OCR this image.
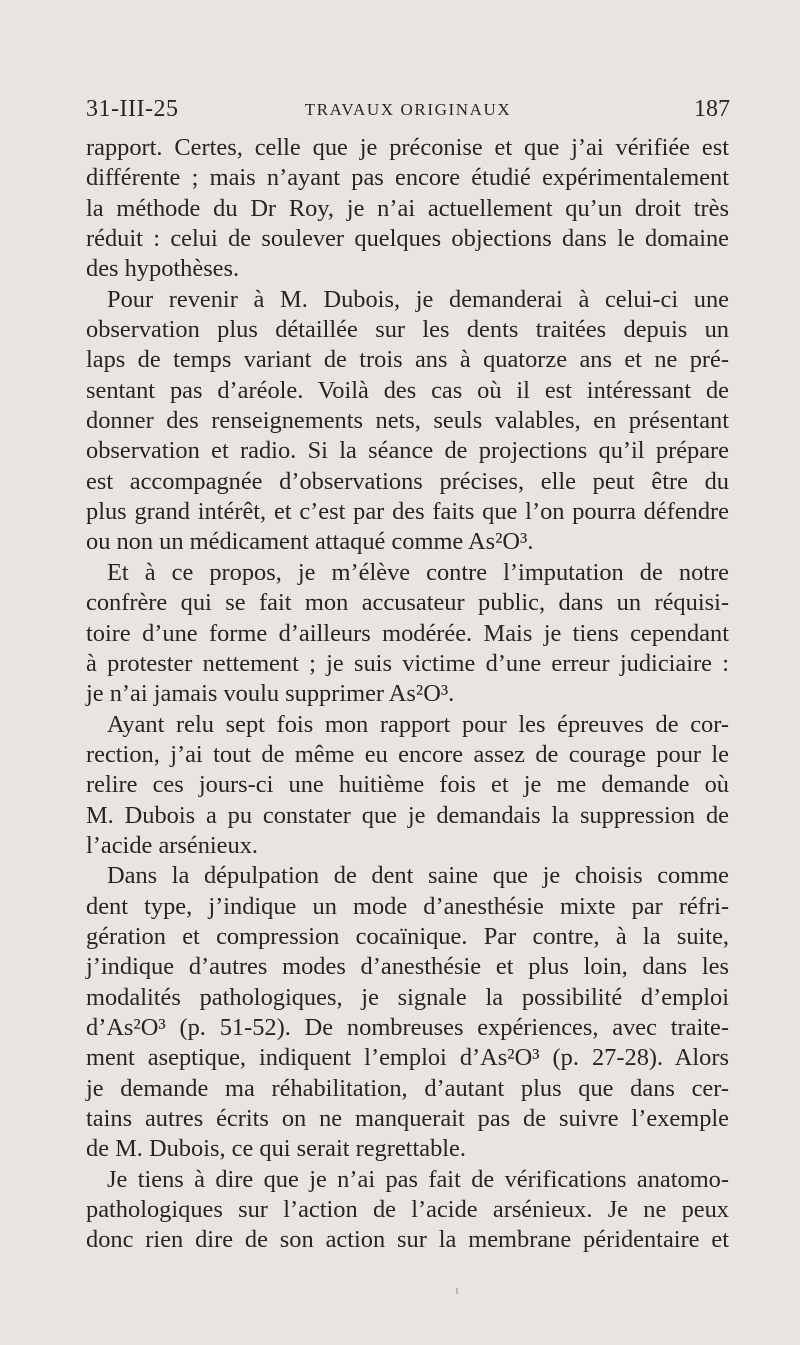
31-III-25	TRAVAUX ORIGINAUX	187
rapport. Certes, celle que je préconise et que j’ai vérifiée est
différente ; mais n’ayant pas encore étudié expérimentalement
la méthode du Dr Roy, je n’ai actuellement qu’un droit très
réduit : celui de soulever quelques objections dans le domaine
des hypothèses.
Pour revenir à M. Dubois, je demanderai à celui-ci une
observation plus détaillée sur les dents traitées depuis un
laps de temps variant de trois ans à quatorze ans et ne pré-
sentant pas d’aréole. Voilà des cas où il est intéressant de
donner des renseignements nets, seuls valables, en présentant
observation et radio. Si la séance de projections qu’il prépare
est accompagnée d’observations précises, elle peut être du
plus grand intérêt, et c’est par des faits que l’on pourra défendre
ou non un médicament attaqué comme As²O³.
Et à ce propos, je m’élève contre l’imputation de notre
confrère qui se fait mon accusateur public, dans un réquisi-
toire d’une forme d’ailleurs modérée. Mais je tiens cependant
à protester nettement ; je suis victime d’une erreur judiciaire :
je n’ai jamais voulu supprimer As²O³.
Ayant relu sept fois mon rapport pour les épreuves de cor-
rection, j’ai tout de même eu encore assez de courage pour le
relire ces jours-ci une huitième fois et je me demande où
M. Dubois a pu constater que je demandais la suppression de
l’acide arsénieux.
Dans la dépulpation de dent saine que je choisis comme
dent type, j’indique un mode d’anesthésie mixte par réfri-
gération et compression cocaïnique. Par contre, à la suite,
j’indique d’autres modes d’anesthésie et plus loin, dans les
modalités pathologiques, je signale la possibilité d’emploi
d’As²O³ (p. 51-52). De nombreuses expériences, avec traite-
ment aseptique, indiquent l’emploi d’As²O³ (p. 27-28). Alors
je demande ma réhabilitation, d’autant plus que dans cer-
tains autres écrits on ne manquerait pas de suivre l’exemple
de M. Dubois, ce qui serait regrettable.
Je tiens à dire que je n’ai pas fait de vérifications anatomo-
pathologiques sur l’action de l’acide arsénieux. Je ne peux
donc rien dire de son action sur la membrane péridentaire et
